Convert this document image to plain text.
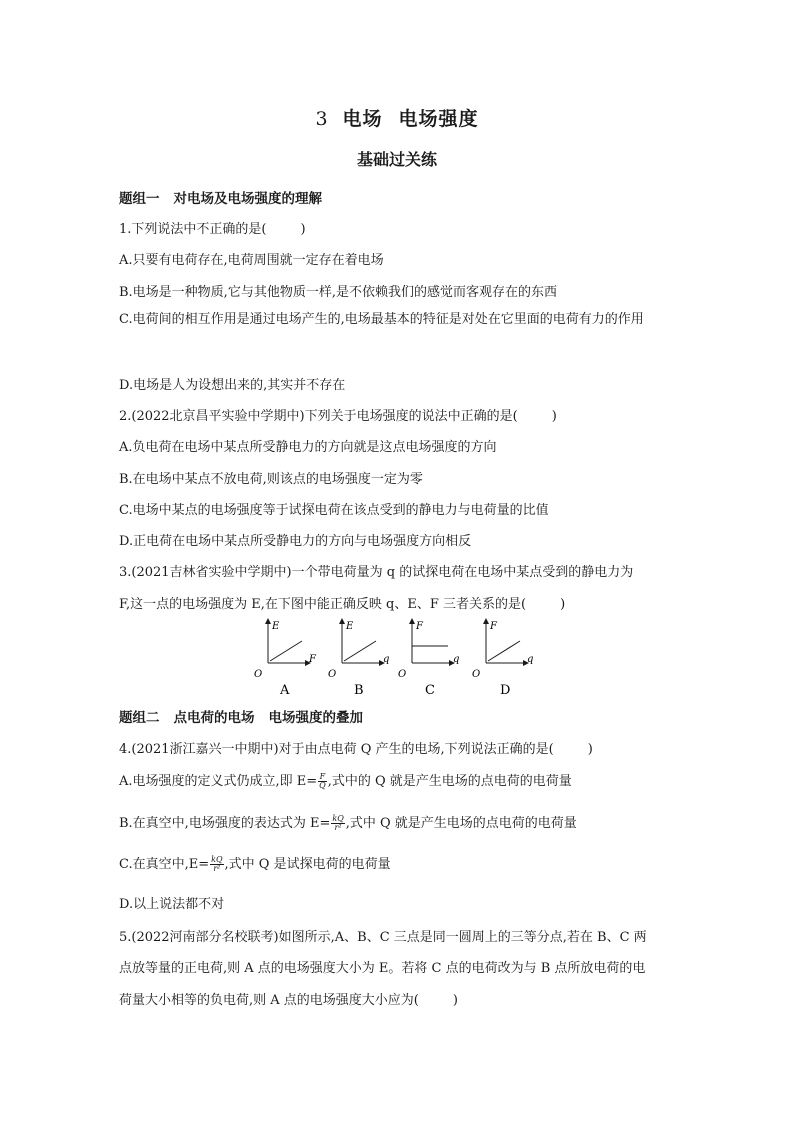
3 电场 电场强度
基础过关练
题组一 对电场及电场强度的理解
1.下列说法中不正确的是(	)
A.只要有电荷存在,电荷周围就一定存在着电场
B.电场是一种物质,它与其他物质一样,是不依赖我们的感觉而客观存在的东西
C.电荷间的相互作用是通过电场产生的,电场最基本的特征是对处在它里面的电荷有力的作用
D.电场是人为设想出来的,其实并不存在
2.(2022北京昌平实验中学期中)下列关于电场强度的说法中正确的是(	)
A.负电荷在电场中某点所受静电力的方向就是这点电场强度的方向
B.在电场中某点不放电荷,则该点的电场强度一定为零
C.电场中某点的电场强度等于试探电荷在该点受到的静电力与电荷量的比值
D.正电荷在电场中某点所受静电力的方向与电场强度方向相反
3.(2021吉林省实验中学期中)一个带电荷量为 q 的试探电荷在电场中某点受到的静电力为
F,这一点的电场强度为 E,在下图中能正确反映 q、E、F 三者关系的是(	)
E
F
O
A
E
q
O
B
F
q
O
C
F
q
O
D
题组二 点电荷的电场 电场强度的叠加
4.(2021浙江嘉兴一中期中)对于由点电荷 Q 产生的电场,下列说法正确的是(	)
A.电场强度的定义式仍成立,即 $E= \frac{F}{Q}$ ,式中的 Q 就是产生电场的点电荷的电荷量
B.在真空中,电场强度的表达式为 $E= \frac{kQ}{\text{r²}}$ ,式中 Q 就是产生电场的点电荷的电荷量
C.在真空中$,E= \frac{kQ}{\text{r²}}$ ,式中 Q 是试探电荷的电荷量
D.以上说法都不对
5.(2022河南部分名校联考)如图所示,A、B、C 三点是同一圆周上的三等分点,若在 B、C 两
点放等量的正电荷,则 A 点的电场强度大小为 E。若将 C 点的电荷改为与 B 点所放电荷的电
荷量大小相等的负电荷,则 A 点的电场强度大小应为(	)
